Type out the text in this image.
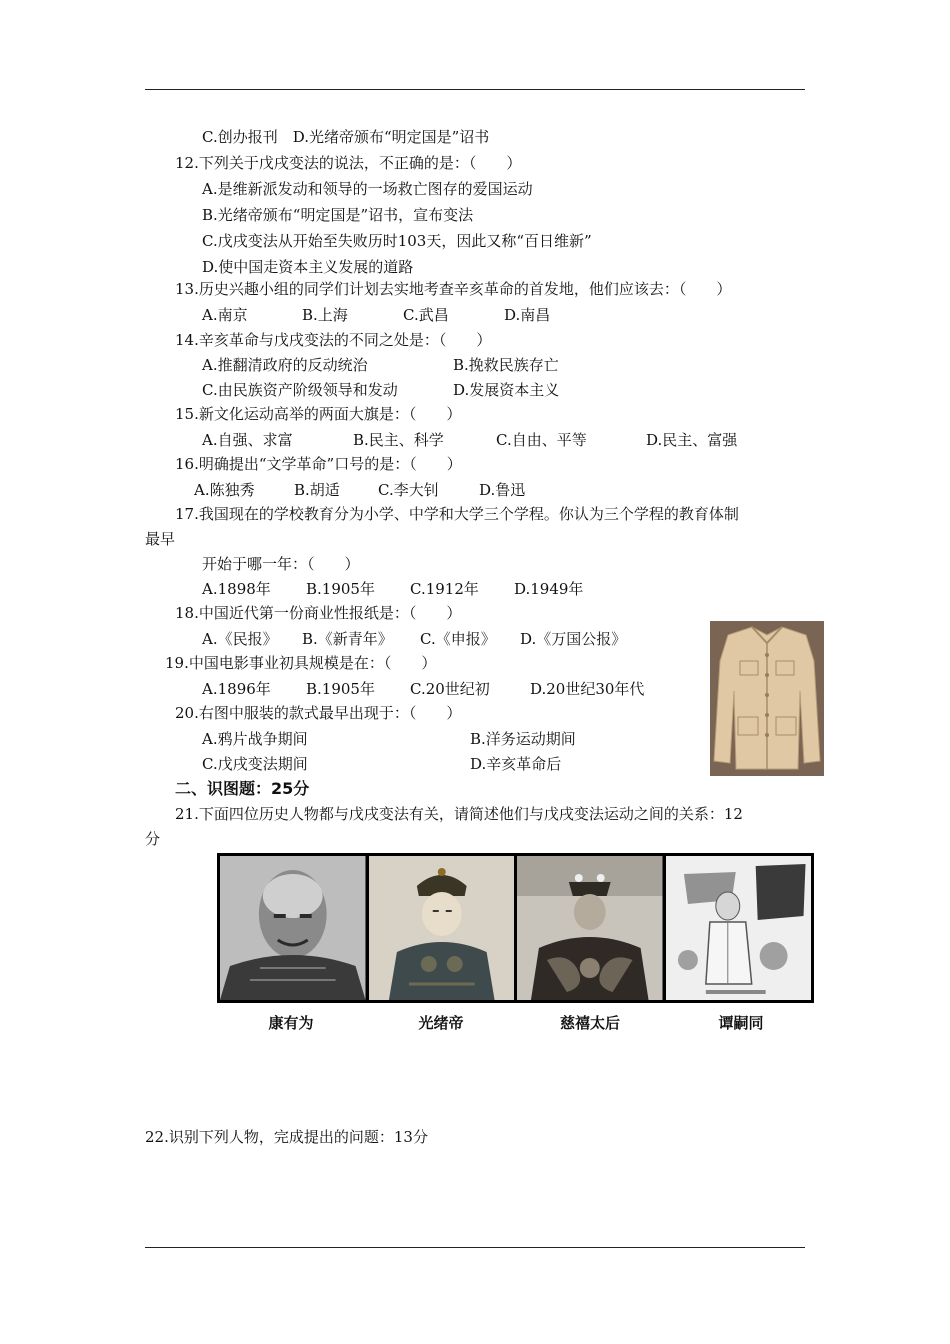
C.创办报刊　D.光绪帝颁布“明定国是”诏书
12.下列关于戊戌变法的说法，不正确的是：（　　）
A.是维新派发动和领导的一场救亡图存的爱国运动
B.光绪帝颁布“明定国是”诏书，宣布变法
C.戊戌变法从开始至失败历时103天，因此又称“百日维新”
D.使中国走资本主义发展的道路
13.历史兴趣小组的同学们计划去实地考查辛亥革命的首发地，他们应该去：（　　）
A.南京	B.上海	C.武昌	D.南昌
14.辛亥革命与戊戌变法的不同之处是：（　　）
A.推翻清政府的反动统治	B.挽救民族存亡
C.由民族资产阶级领导和发动	D.发展资本主义
15.新文化运动高举的两面大旗是：（　　）
A.自强、求富	B.民主、科学	C.自由、平等	D.民主、富强
16.明确提出“文学革命”口号的是：（　　）
A.陈独秀	B.胡适	C.李大钊	D.鲁迅
17.我国现在的学校教育分为小学、中学和大学三个学程。你认为三个学程的教育体制
最早
开始于哪一年：（　　）
A.1898年 B.1905年 C.1912年 D.1949年
18.中国近代第一份商业性报纸是：（　　）
A.《民报》 B.《新青年》 C.《申报》 D.《万国公报》
19.中国电影事业初具规模是在：（　　）
A.1896年 B.1905年 C.20世纪初	D.20世纪30年代
20.右图中服装的款式最早出现于：（　　）
A.鸦片战争期间	B.洋务运动期间
C.戊戌变法期间	D.辛亥革命后
二、识图题：25分
21.下面四位历史人物都与戊戌变法有关，请简述他们与戊戌变法运动之间的关系：12
分
康有为	光绪帝	慈禧太后	谭嗣同
22.识别下列人物，完成提出的问题：13分
